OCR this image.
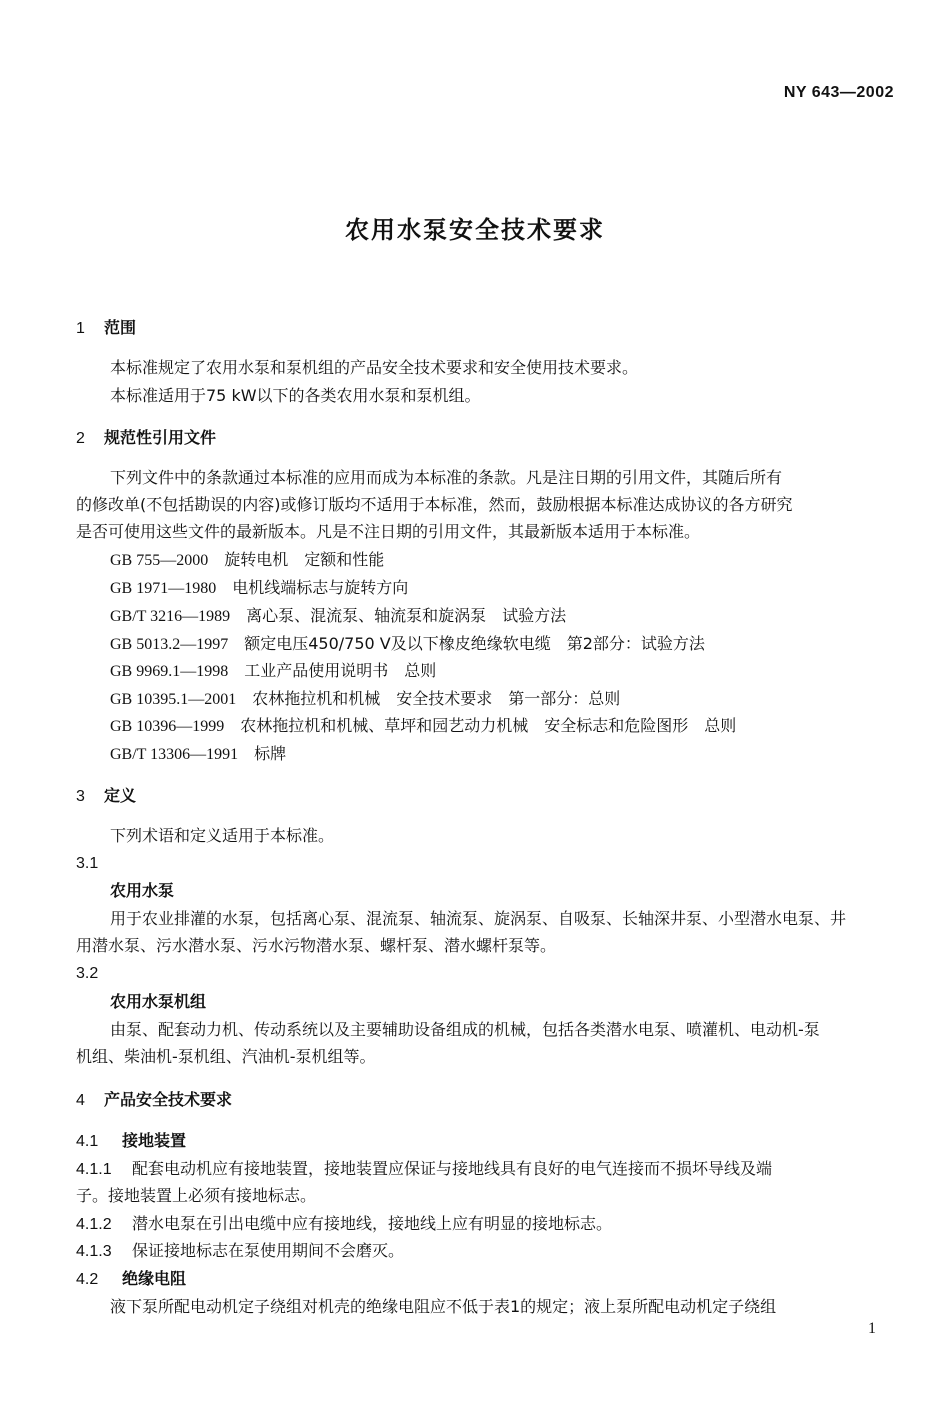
NY 643—2002
农用水泵安全技术要求
1 范围
本标准规定了农用水泵和泵机组的产品安全技术要求和安全使用技术要求。
本标准适用于75 kW以下的各类农用水泵和泵机组。
2 规范性引用文件
下列文件中的条款通过本标准的应用而成为本标准的条款。凡是注日期的引用文件，其随后所有
的修改单(不包括勘误的内容)或修订版均不适用于本标准，然而，鼓励根据本标准达成协议的各方研究
是否可使用这些文件的最新版本。凡是不注日期的引用文件，其最新版本适用于本标准。
GB 755—2000 旋转电机　定额和性能
GB 1971—1980 电机线端标志与旋转方向
GB/T 3216—1989 离心泵、混流泵、轴流泵和旋涡泵　试验方法
GB 5013.2—1997 额定电压450/750 V及以下橡皮绝缘软电缆　第2部分：试验方法
GB 9969.1—1998 工业产品使用说明书　总则
GB 10395.1—2001 农林拖拉机和机械　安全技术要求　第一部分：总则
GB 10396—1999 农林拖拉机和机械、草坪和园艺动力机械　安全标志和危险图形　总则
GB/T 13306—1991 标牌
3 定义
下列术语和定义适用于本标准。
3.1
农用水泵
用于农业排灌的水泵，包括离心泵、混流泵、轴流泵、旋涡泵、自吸泵、长轴深井泵、小型潜水电泵、井
用潜水泵、污水潜水泵、污水污物潜水泵、螺杆泵、潜水螺杆泵等。
3.2
农用水泵机组
由泵、配套动力机、传动系统以及主要辅助设备组成的机械，包括各类潜水电泵、喷灌机、电动机-泵
机组、柴油机-泵机组、汽油机-泵机组等。
4 产品安全技术要求
4.1 接地装置
4.1.1 配套电动机应有接地装置，接地装置应保证与接地线具有良好的电气连接而不损坏导线及端
子。接地装置上必须有接地标志。
4.1.2 潜水电泵在引出电缆中应有接地线，接地线上应有明显的接地标志。
4.1.3 保证接地标志在泵使用期间不会磨灭。
4.2 绝缘电阻
液下泵所配电动机定子绕组对机壳的绝缘电阻应不低于表1的规定；液上泵所配电动机定子绕组
1
